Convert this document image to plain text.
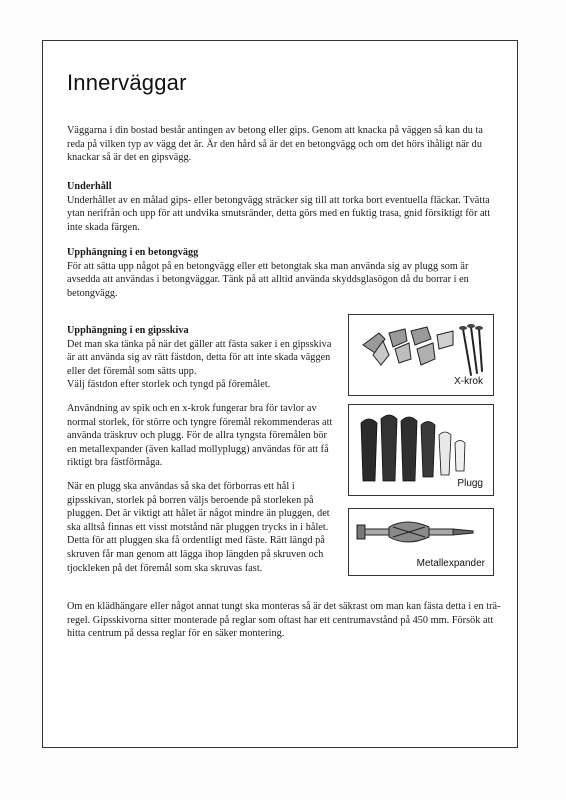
Innerväggar

Väggarna i din bostad består antingen av betong eller gips. Genom att knacka på väggen så kan du ta reda på vilken typ av vägg det är. Är den hård så är det en betongvägg och om det hörs ihåligt när du knackar så är det en gipsvägg.

Underhåll
Underhållet av en målad gips- eller betongvägg sträcker sig till att torka bort eventuella fläckar. Tvätta ytan nerifrån och upp för att undvika smutsränder, detta görs med en fuktig trasa, gnid försiktigt för att inte skada färgen.

Upphängning i en betongvägg
För att sätta upp något på en betongvägg eller ett betongtak ska man använda sig av plugg som är avsedda att användas i betongväggar. Tänk på att alltid använda skyddsglasögon då du borrar i en betongvägg.

Upphängning i en gipsskiva
Det man ska tänka på när det gäller att fästa saker i en gipsskiva är att använda sig av rätt fästdon, detta för att inte skada väggen eller det föremål som sätts upp.
Välj fästdon efter storlek och tyngd på föremålet.

Användning av spik och en x-krok fungerar bra för tavlor av normal storlek, för större och tyngre föremål rekommenderas att använda träskruv och plugg. För de allra tyngsta föremålen bör en metallexpander (även kallad mollyplugg) användas för att få riktigt bra fästförmåga.

När en plugg ska användas så ska det förborras ett hål i gipsskivan, storlek på borren väljs beroende på storleken på pluggen. Det är viktigt att hålet är något mindre än pluggen, det ska alltså finnas ett visst motstånd när pluggen trycks in i hålet. Detta för att pluggen ska få ordentligt med fäste. Rätt längd på skruven får man genom att lägga ihop längden på skruven och tjockleken på det föremål som ska skruvas fast.

Om en klädhängare eller något annat tungt ska monteras så är det säkrast om man kan fästa detta i en träregel. Gipsskivorna sitter monterade på reglar som oftast har ett centrumavstånd på 450 mm. Försök att hitta centrum på dessa reglar för en säker montering.

X-krok
Plugg
Metallexpander
